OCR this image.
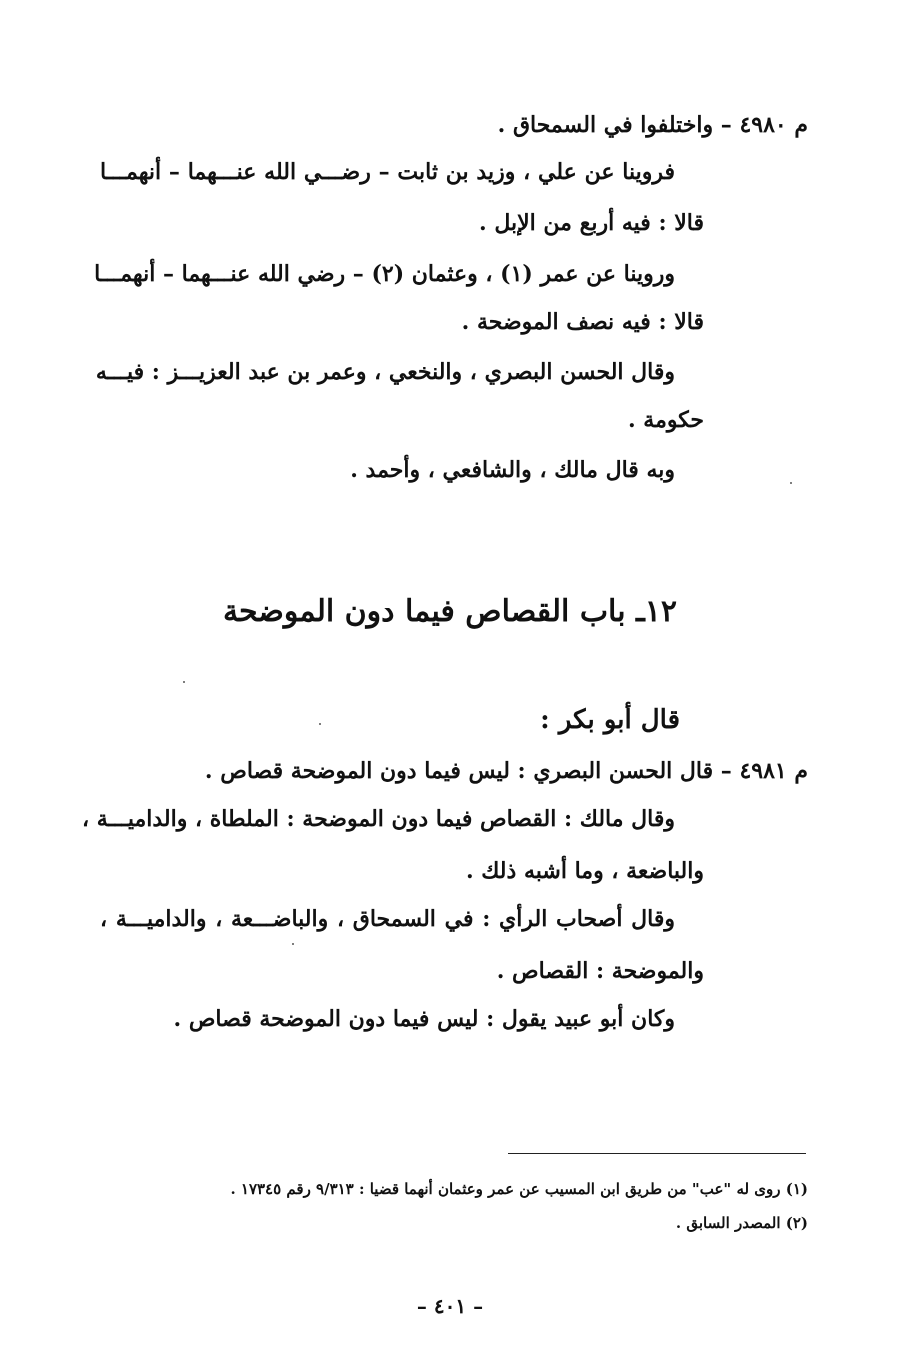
م ٤٩٨٠ – واختلفوا في السمحاق .
فروينا عن علي ، وزيد بن ثابت – رضـــي الله عنـــهما – أنهمـــا
قالا : فيه أربع من الإبل .
وروينا عن عمر (١) ، وعثمان (٢) – رضي الله عنـــهما – أنهمـــا
قالا : فيه نصف الموضحة .
وقال الحسن البصري ، والنخعي ، وعمر بن عبد العزيـــز : فيـــه
حكومة .
وبه قال مالك ، والشافعي ، وأحمد .
١٢ـ باب القصاص فيما دون الموضحة
قال أبو بكر :
م ٤٩٨١ – قال الحسن البصري : ليس فيما دون الموضحة قصاص .
وقال مالك : القصاص فيما دون الموضحة : الملطاة ، والداميـــة ،
والباضعة ، وما أشبه ذلك .
وقال أصحاب الرأي : في السمحاق ، والباضـــعة ، والداميـــة ،
والموضحة : القصاص .
وكان أبو عبيد يقول : ليس فيما دون الموضحة قصاص .
(١) روى له "عب" من طريق ابن المسيب عن عمر وعثمان أنهما قضيا : ٩/٣١٣ رقم ١٧٣٤٥ .
(٢) المصدر السابق .
– ٤٠١ –
